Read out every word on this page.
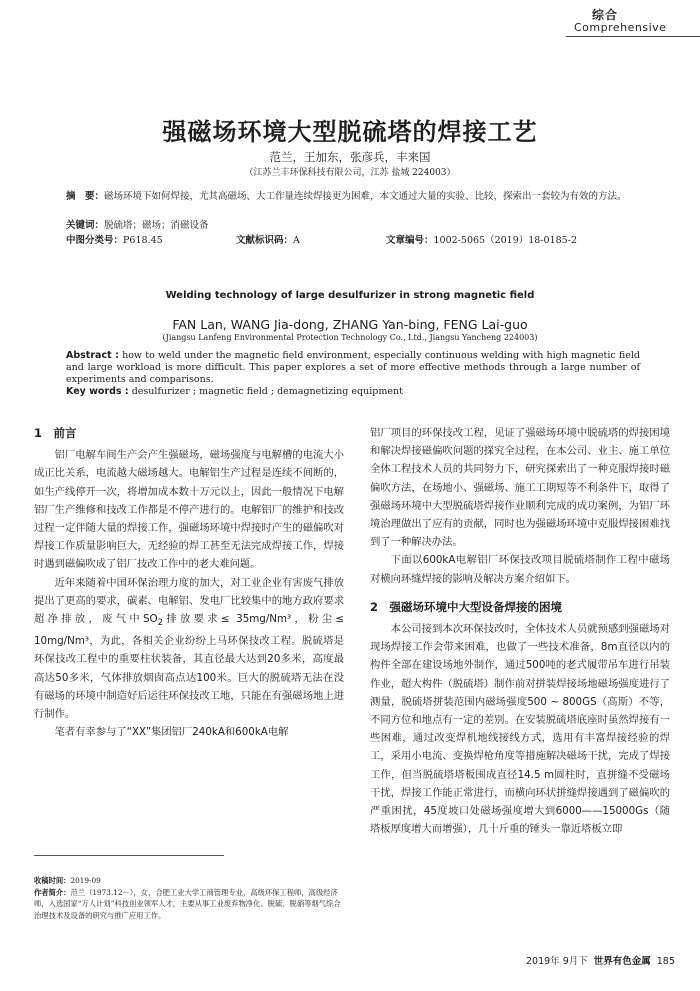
综合
Comprehensive
强磁场环境大型脱硫塔的焊接工艺
范兰，王加东，张彦兵，丰来国
（江苏兰丰环保科技有限公司，江苏 盐城 224003）
摘　要：磁场环境下如何焊接，尤其高磁场、大工作量连续焊接更为困难，本文通过大量的实验、比较，探索出一套较为有效的方法。
关键词：脱硫塔；磁场；消磁设备
中图分类号：P618.45	文献标识码：A	文章编号：1002-5065（2019）18-0185-2
Welding technology of large desulfurizer in strong magnetic field
FAN Lan, WANG Jia-dong, ZHANG Yan-bing, FENG Lai-guo
(Jiangsu Lanfeng Environmental Protection Technology Co., Ltd., Jiangsu Yancheng 224003)
Abstract : how to weld under the magnetic field environment, especially continuous welding with high magnetic field and large workload is more difficult. This paper explores a set of more effective methods through a large number of experiments and comparisons.
Key words : desulfurizer ; magnetic field ; demagnetizing equipment
1　前言

铝厂电解车间生产会产生强磁场，磁场强度与电解槽的电流大小成正比关系，电流越大磁场越大。电解铝生产过程是连续不间断的，如生产线停开一次，将增加成本数十万元以上，因此一般情况下电解铝厂生产维修和技改工作都是不停产进行的。电解铝厂的维护和技改过程一定伴随大量的焊接工作，强磁场环境中焊接时产生的磁偏吹对焊接工作质量影响巨大，无经验的焊工甚至无法完成焊接工作，焊接时遇到磁偏吹成了铝厂技改工作中的老大难问题。

近年来随着中国环保治理力度的加大，对工业企业有害废气排放提出了更高的要求，碳素、电解铝、发电厂比较集中的地方政府要求超净排放，废气中$SO_2$排放要求≤ 35mg/Nm³，粉尘≤ 10mg/Nm³，为此，各相关企业纷纷上马环保技改工程。脱硫塔是环保技改工程中的重要柱状装备，其直径最大达到20多米，高度最高达50多米，气体排放烟囱高点达100米。巨大的脱硫塔无法在没有磁场的环境中制造好后运往环保技改工地，只能在有强磁场地上进行制作。

笔者有幸参与了“XX”集团铝厂240kA和600kA电解

铝厂项目的环保技改工程，见证了强磁场环境中脱硫塔的焊接困境和解决焊接磁偏吹问题的探究全过程，在本公司、业主、施工单位全体工程技术人员的共同努力下，研究探索出了一种克服焊接时磁偏吹方法，在场地小、强磁场、施工工期短等不利条件下，取得了强磁场环境中大型脱硫塔焊接作业顺利完成的成功案例，为铝厂环境治理做出了应有的贡献，同时也为强磁场环境中克服焊接困难找到了一种解决办法。

下面以600kA电解铝厂环保技改项目脱硫塔制作工程中磁场对横向环缝焊接的影响及解决方案介绍如下。

2　强磁场环境中大型设备焊接的困境

本公司接到本次环保技改时，全体技术人员就预感到强磁场对现场焊接工作会带来困难，也做了一些技术准备，8m直径以内的构件全部在建设场地外制作，通过500吨的老式履带吊车进行吊装作业，超大构件（脱硫塔）制作前对拼装焊接场地磁场强度进行了测量，脱硫塔拼装范围内磁场强度500 ~ 800GS（高斯）不等，不同方位和地点有一定的差别。在安装脱硫塔底座时虽然焊接有一些困难，通过改变焊机地线接线方式，选用有丰富焊接经验的焊工，采用小电流、变换焊枪角度等措施解决磁场干扰，完成了焊接工作，但当脱硫塔塔板围成直径14.5 m圆柱时，直拼缝不受磁场干扰，焊接工作能正常进行，而横向环状拼缝焊接遇到了磁偏吹的严重困扰，45度坡口处磁场强度增大到6000——15000Gs（随塔板厚度增大而增强），几十斤重的锤头一靠近塔板立即

收稿时间：2019-09
作者简介：范兰（1973.12－），女，合肥工业大学工商管理专业，高级环保工程师，高级经济师，入选国家“万人计划”科技创业领军人才，主要从事工业废弃物净化、脱硫、脱硝等烟气综合治理技术及设备的研究与推广应用工作。
2019年 9月下 世界有色金属 185
